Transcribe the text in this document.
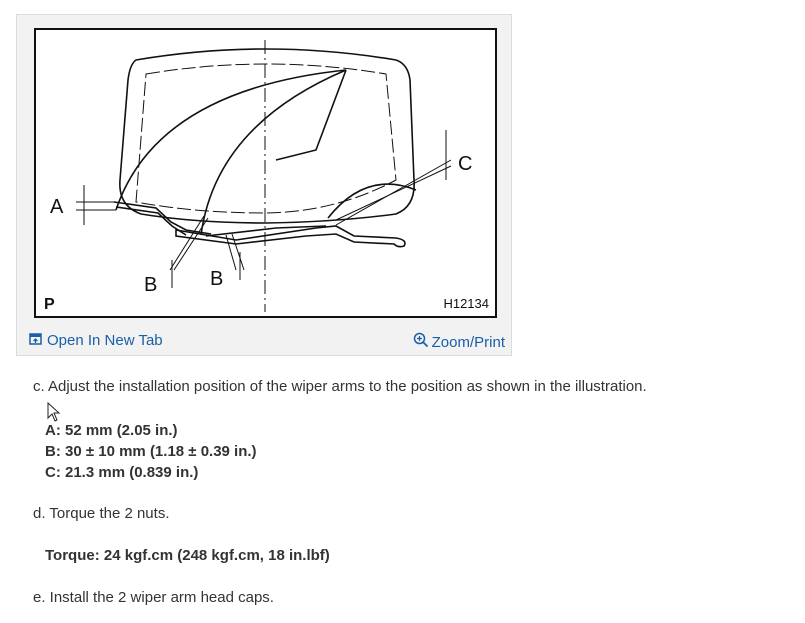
A
B	B
C
P	H12134
Open In New Tab	Zoom/Print
c. Adjust the installation position of the wiper arms to the position as shown in the illustration.
A: 52 mm (2.05 in.)
B: 30 ± 10 mm (1.18 ± 0.39 in.)
C: 21.3 mm (0.839 in.)
d. Torque the 2 nuts.
Torque: 24 kgf.cm (248 kgf.cm, 18 in.lbf)
e. Install the 2 wiper arm head caps.
